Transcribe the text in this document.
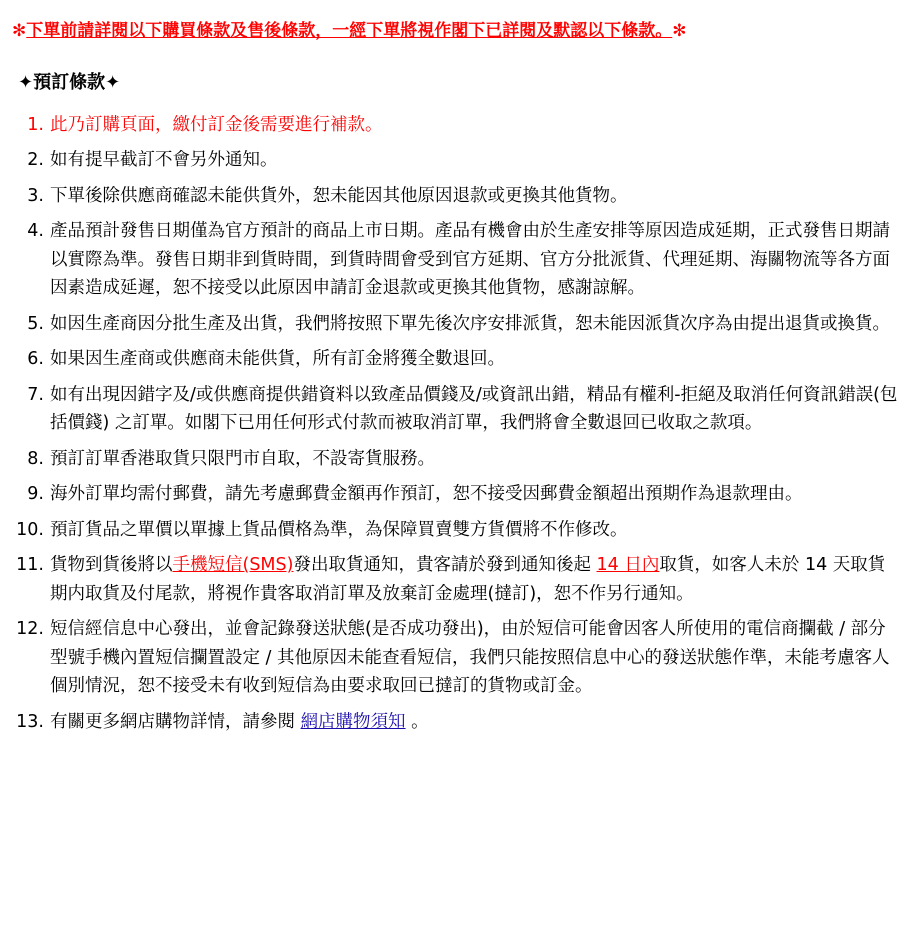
✻下單前請詳閱以下購買條款及售後條款，一經下單將視作閣下已詳閱及默認以下條款。✻
✦預訂條款✦
此乃訂購頁面，繳付訂金後需要進行補款。
如有提早截訂不會另外通知。
下單後除供應商確認未能供貨外，恕未能因其他原因退款或更換其他貨物。
產品預計發售日期僅為官方預計的商品上市日期。產品有機會由於生產安排等原因造成延期，正式發售日期請以實際為準。發售日期非到貨時間，到貨時間會受到官方延期、官方分批派貨、代理延期、海關物流等各方面因素造成延遲，恕不接受以此原因申請訂金退款或更換其他貨物，感謝諒解。
如因生產商因分批生產及出貨，我們將按照下單先後次序安排派貨，恕未能因派貨次序為由提出退貨或換貨。
如果因生產商或供應商未能供貨，所有訂金將獲全數退回。
如有出現因錯字及/或供應商提供錯資料以致產品價錢及/或資訊出錯，精品有權利-拒絕及取消任何資訊錯誤(包括價錢) 之訂單。如閣下已用任何形式付款而被取消訂單，我們將會全數退回已收取之款項。
預訂訂單香港取貨只限門市自取，不設寄貨服務。
海外訂單均需付郵費，請先考慮郵費金額再作預訂，恕不接受因郵費金額超出預期作為退款理由。
預訂貨品之單價以單據上貨品價格為準，為保障買賣雙方貨價將不作修改。
貨物到貨後將以手機短信(SMS)發出取貨通知，貴客請於發到通知後起 14 日內取貨，如客人未於 14 天取貨期内取貨及付尾款，將視作貴客取消訂單及放棄訂金處理(撻訂)，恕不作另行通知。
短信經信息中心發出，並會記錄發送狀態(是否成功發出)，由於短信可能會因客人所使用的電信商攔截 / 部分型號手機內置短信攔置設定 / 其他原因未能查看短信，我們只能按照信息中心的發送狀態作準，未能考慮客人個別情況，恕不接受未有收到短信為由要求取回已撻訂的貨物或訂金。
有關更多網店購物詳情，請參閱 網店購物須知 。
